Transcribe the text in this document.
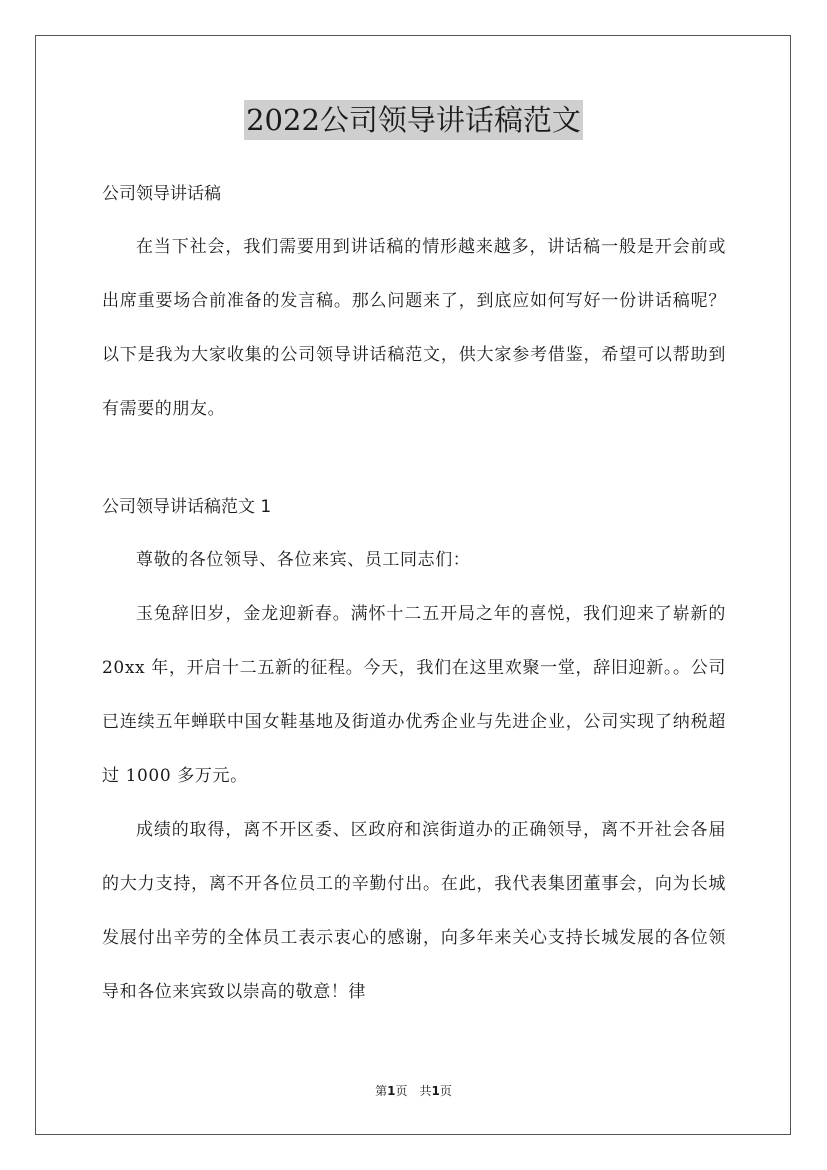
2022公司领导讲话稿范文

公司领导讲话稿

在当下社会，我们需要用到讲话稿的情形越来越多，讲话稿一般是开会前或出席重要场合前准备的发言稿。那么问题来了，到底应如何写好一份讲话稿呢？以下是我为大家收集的公司领导讲话稿范文，供大家参考借鉴，希望可以帮助到有需要的朋友。

公司领导讲话稿范文 1

尊敬的各位领导、各位来宾、员工同志们：

玉兔辞旧岁，金龙迎新春。满怀十二五开局之年的喜悦，我们迎来了崭新的 20xx 年，开启十二五新的征程。今天，我们在这里欢聚一堂，辞旧迎新。。公司已连续五年蝉联中国女鞋基地及街道办优秀企业与先进企业，公司实现了纳税超过 1000 多万元。

成绩的取得，离不开区委、区政府和滨街道办的正确领导，离不开社会各届的大力支持，离不开各位员工的辛勤付出。在此，我代表集团董事会，向为长城发展付出辛劳的全体员工表示衷心的感谢，向多年来关心支持长城发展的各位领导和各位来宾致以崇高的敬意！律

第1页　共1页
